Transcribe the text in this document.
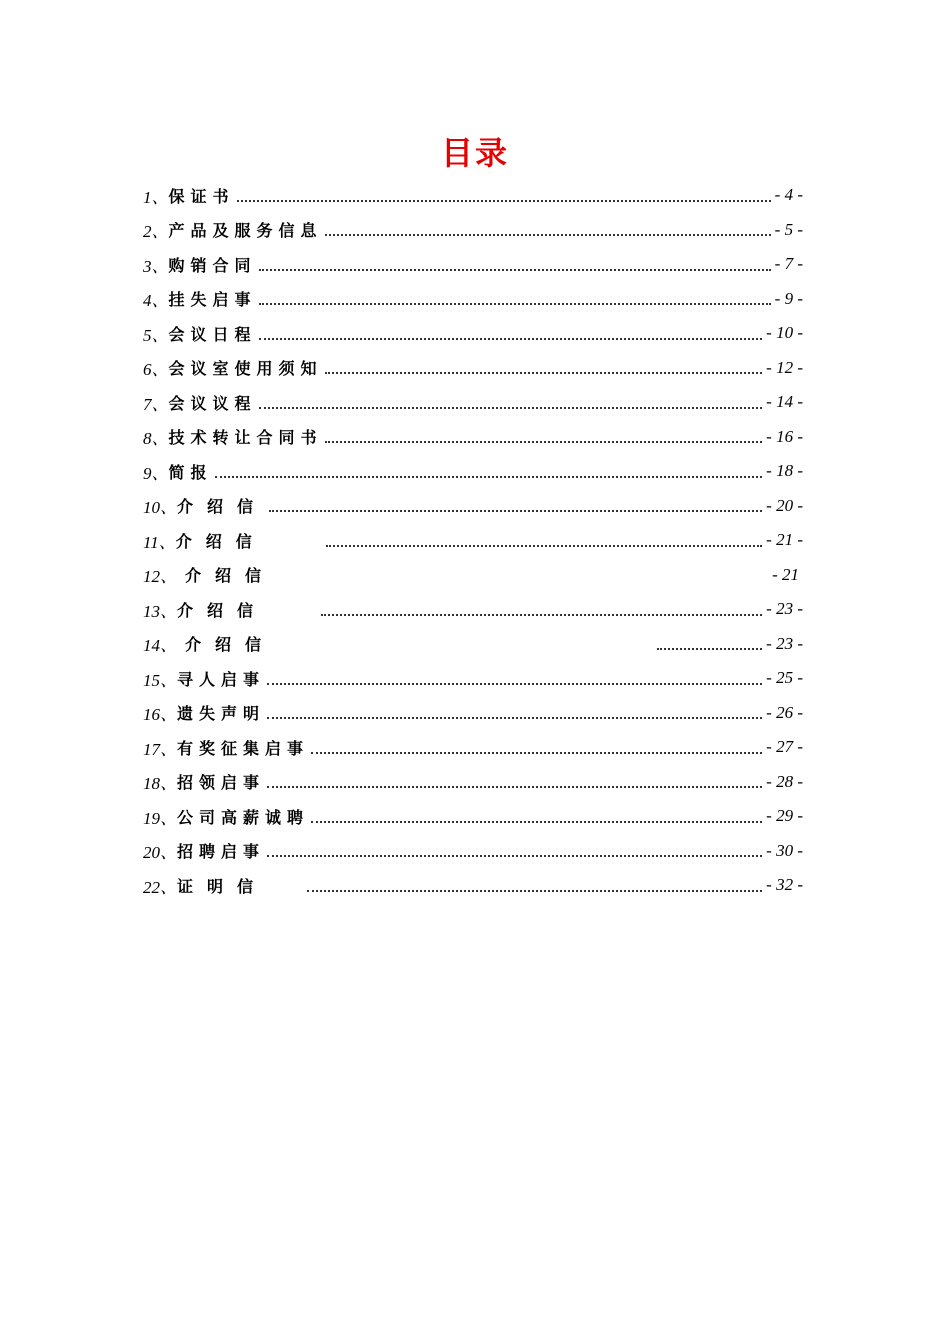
目录
1、 保证书	- 4 -
2、 产品及服务信息	- 5 -
3、 购销合同	- 7 -
4、 挂失启事	- 9 -
5、 会议日程	- 10 -
6、 会议室使用须知	- 12 -
7、 会议议程	- 14 -
8、 技术转让合同书	- 16 -
9、 简报	- 18 -
10、 介绍信	- 20 -
11、 介绍信	- 21 -
12、 介绍信	- 21
13、 介绍信	- 23 -
14、 介绍信	- 23 -
15、 寻人启事	- 25 -
16、 遗失声明	- 26 -
17、 有奖征集启事	- 27 -
18、 招领启事	- 28 -
19、 公司高薪诚聘	- 29 -
20、 招聘启事	- 30 -
22、 证明信	- 32 -
